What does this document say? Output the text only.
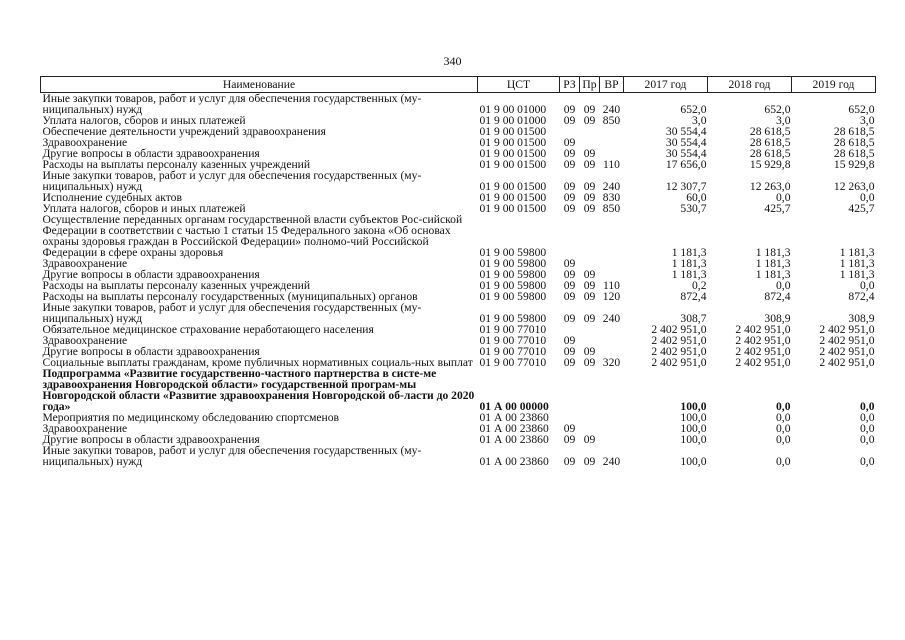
340
Наименование	ЦСТ	РЗ	Пр	ВР	2017 год	2018 год	2019 год
Иные закупки товаров, работ и услуг для обеспечения государственных (му-ниципальных) нужд	01 9 00 01000	09	09	240	652,0	652,0	652,0
Уплата налогов, сборов и иных платежей	01 9 00 01000	09	09	850	3,0	3,0	3,0
Обеспечение деятельности учреждений здравоохранения	01 9 00 01500				30 554,4	28 618,5	28 618,5
Здравоохранение	01 9 00 01500	09			30 554,4	28 618,5	28 618,5
Другие вопросы в области здравоохранения	01 9 00 01500	09	09		30 554,4	28 618,5	28 618,5
Расходы на выплаты персоналу казенных учреждений	01 9 00 01500	09	09	110	17 656,0	15 929,8	15 929,8
Иные закупки товаров, работ и услуг для обеспечения государственных (му-ниципальных) нужд	01 9 00 01500	09	09	240	12 307,7	12 263,0	12 263,0
Исполнение судебных актов	01 9 00 01500	09	09	830	60,0	0,0	0,0
Уплата налогов, сборов и иных платежей	01 9 00 01500	09	09	850	530,7	425,7	425,7
Осуществление переданных органам государственной власти субъектов Рос-сийской Федерации в соответствии с частью 1 статьи 15 Федерального закона «Об основах охраны здоровья граждан в Российской Федерации» полномо-чий Российской Федерации в сфере охраны здоровья	01 9 00 59800				1 181,3	1 181,3	1 181,3
Здравоохранение	01 9 00 59800	09			1 181,3	1 181,3	1 181,3
Другие вопросы в области здравоохранения	01 9 00 59800	09	09		1 181,3	1 181,3	1 181,3
Расходы на выплаты персоналу казенных учреждений	01 9 00 59800	09	09	110	0,2	0,0	0,0
Расходы на выплаты персоналу государственных (муниципальных) органов	01 9 00 59800	09	09	120	872,4	872,4	872,4
Иные закупки товаров, работ и услуг для обеспечения государственных (му-ниципальных) нужд	01 9 00 59800	09	09	240	308,7	308,9	308,9
Обязательное медицинское страхование неработающего населения	01 9 00 77010				2 402 951,0	2 402 951,0	2 402 951,0
Здравоохранение	01 9 00 77010	09			2 402 951,0	2 402 951,0	2 402 951,0
Другие вопросы в области здравоохранения	01 9 00 77010	09	09		2 402 951,0	2 402 951,0	2 402 951,0
Социальные выплаты гражданам, кроме публичных нормативных социаль-ных выплат	01 9 00 77010	09	09	320	2 402 951,0	2 402 951,0	2 402 951,0
Подпрограмма «Развитие государственно-частного партнерства в систе-ме здравоохранения Новгородской области» государственной програм-мы Новгородской области «Развитие здравоохранения Новгородской об-ласти до 2020 года»	01 А 00 00000				100,0	0,0	0,0
Мероприятия по медицинскому обследованию спортсменов	01 А 00 23860				100,0	0,0	0,0
Здравоохранение	01 А 00 23860	09			100,0	0,0	0,0
Другие вопросы в области здравоохранения	01 А 00 23860	09	09		100,0	0,0	0,0
Иные закупки товаров, работ и услуг для обеспечения государственных (му-ниципальных) нужд	01 А 00 23860	09	09	240	100,0	0,0	0,0
